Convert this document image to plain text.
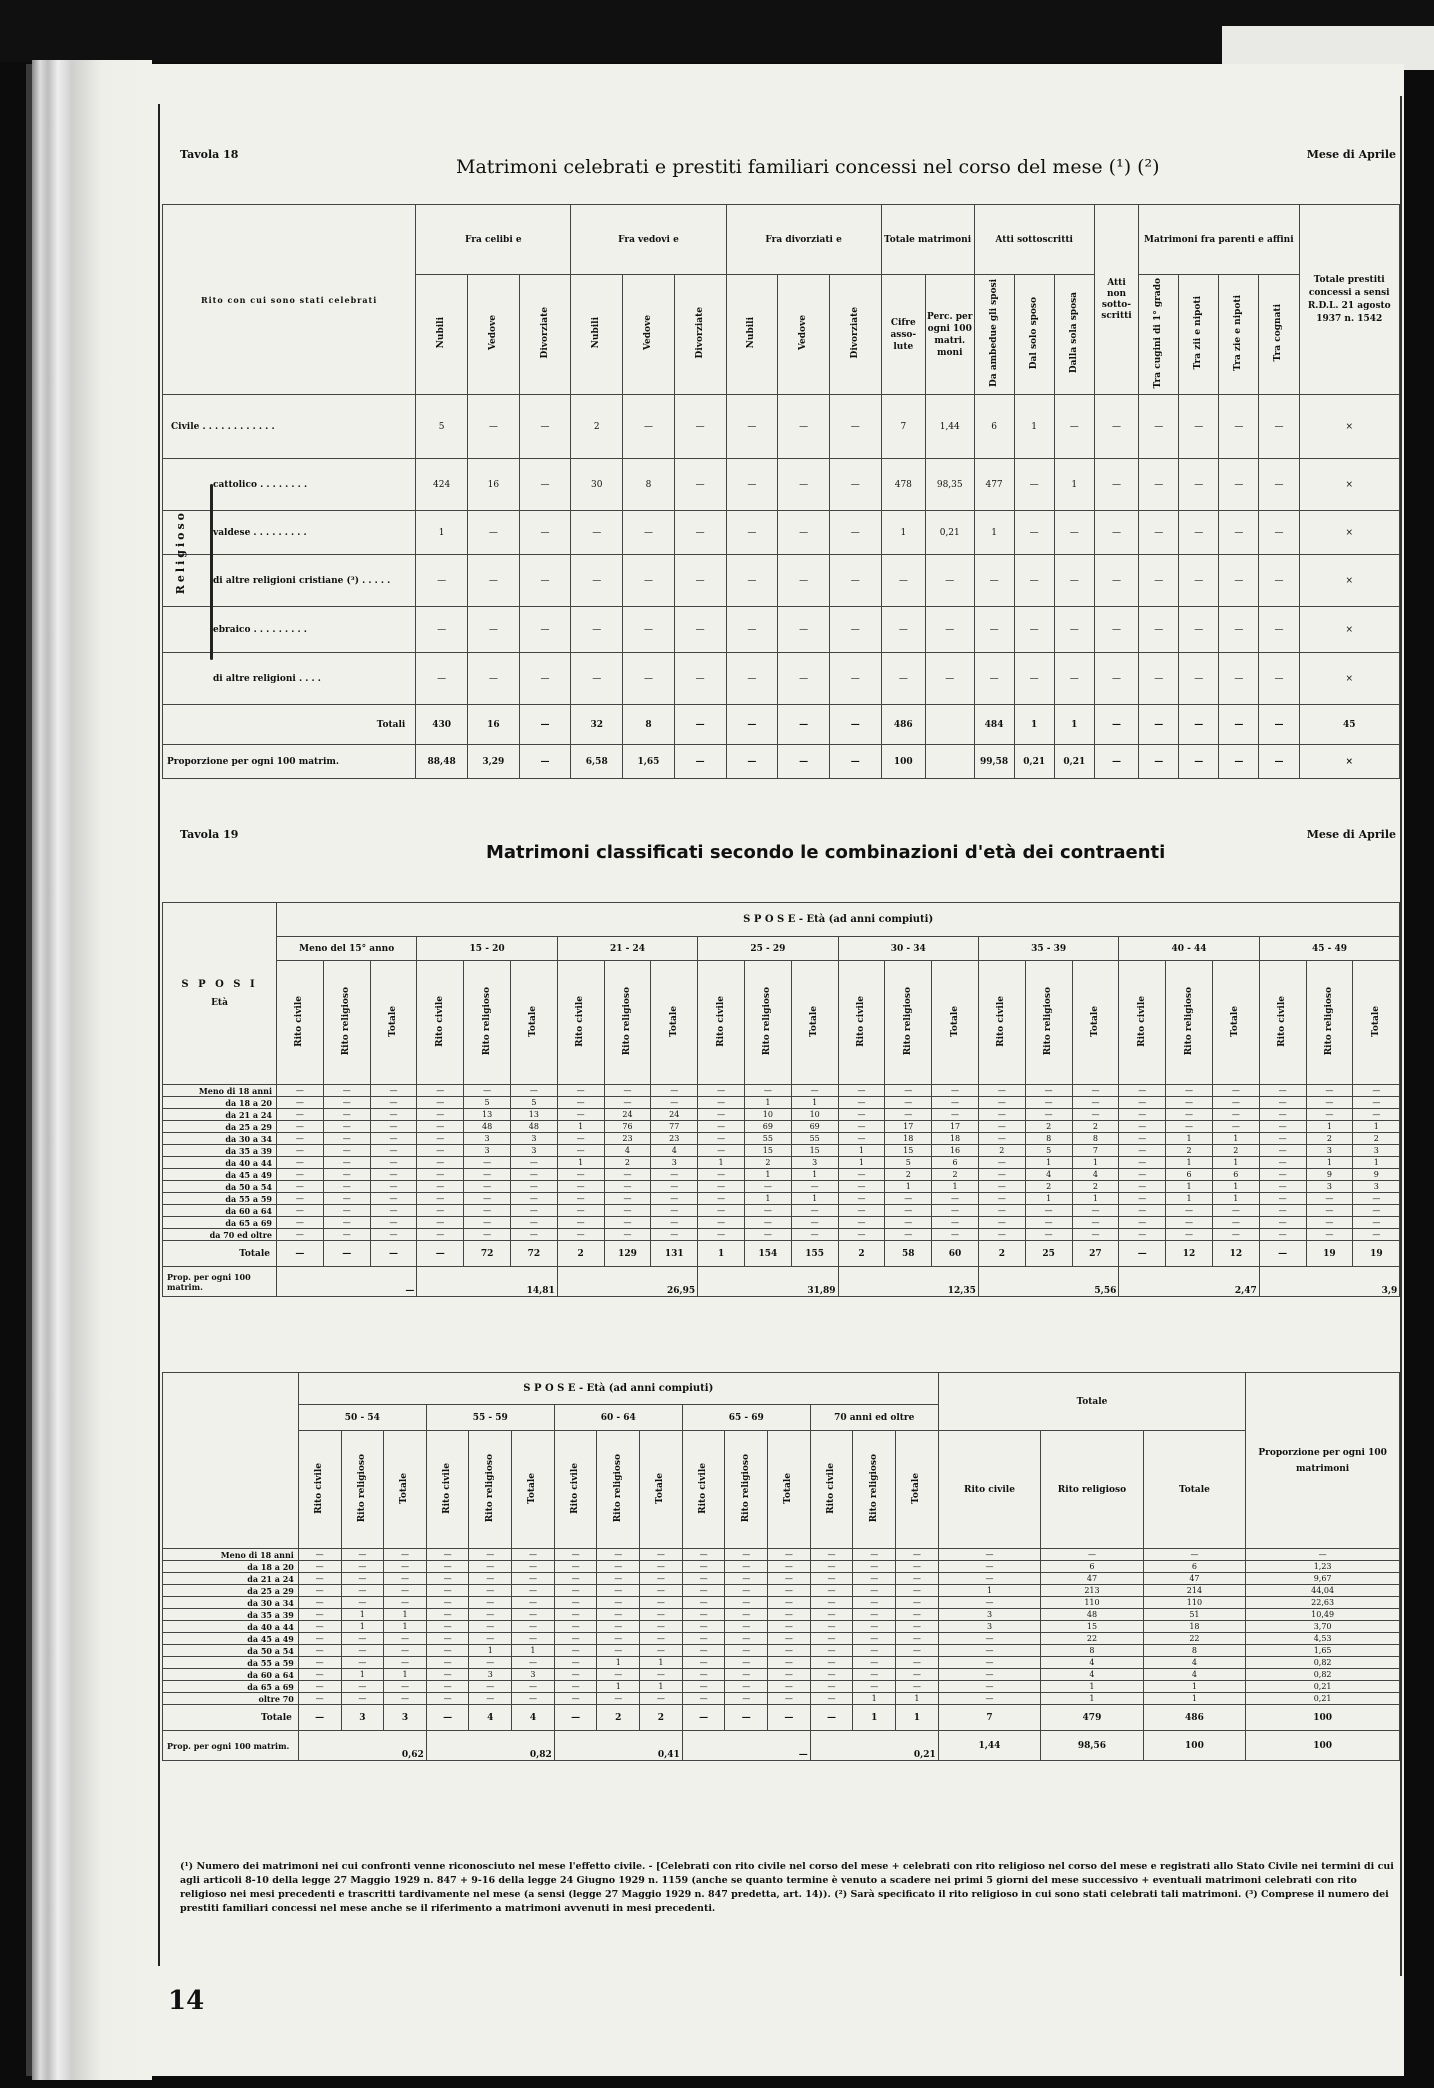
Tavola 18
Matrimoni celebrati e prestiti familiari concessi nel corso del mese (¹) (²)
Mese di Aprile
Rito con cui sono stati celebrati	Fra celibi e			Fra vedovi e			Fra divorziati e			Totale matrimoni		Atti sottoscritti			Atti non sotto-scritti	Matrimoni fra parenti e affini				Totale prestiti concessi a sensi R.D.L. 21 agosto 1937 n. 1542

	Nubili	Vedove	Divorziate	Nubili	Vedove	Divorziate	Nubili	Vedove	Divorziate	Cifre asso-lute	Perc. per ogni 100 matri. moni	Da ambedue gli sposi	Dal solo sposo	Dalla sola sposa		Tra cugini di 1° grado	Tra zii e nipoti	Tra zie e nipoti	Tra cognati	
Civile . . . . . . . . . . . .	5	—	—	2	—	—	—	—	—	7	1,44	6	1	—	—	—	—	—	—	×
cattolico . . . . . . . .	424	16	—	30	8	—	—	—	—	478	98,35	477	—	1	—	—	—	—	—	×
valdese . . . . . . . . .	1	—	—	—	—	—	—	—	—	1	0,21	1	—	—	—	—	—	—	—	×
di altre religioni cristiane (³) . . . . .	—	—	—	—	—	—	—	—	—	—	—	—	—	—	—	—	—	—	—	×
ebraico . . . . . . . . .	—	—	—	—	—	—	—	—	—	—	—	—	—	—	—	—	—	—	—	×
di altre religioni . . . .	—	—	—	—	—	—	—	—	—	—	—	—	—	—	—	—	—	—	—	×
Totali	430	16	—	32	8	—	—	—	—	486		484	1	1	—	—	—	—	—	45
Proporzione per ogni 100 matrim.	88,48	3,29	—	6,58	1,65	—	—	—	—	100		99,58	0,21	0,21	—	—	—	—	—	×
Religioso
Tavola 19
Matrimoni classificati secondo le combinazioni d'età dei contraenti
Mese di Aprile
S P O S I
Età	S P O S E - Età (ad anni compiuti)																							
	Meno del 15° anno			15 - 20			21 - 24			25 - 29			30 - 34			35 - 39			40 - 44			45 - 49		
	Rito civile	Rito religioso	Totale	Rito civile	Rito religioso	Totale	Rito civile	Rito religioso	Totale	Rito civile	Rito religioso	Totale	Rito civile	Rito religioso	Totale	Rito civile	Rito religioso	Totale	Rito civile	Rito religioso	Totale	Rito civile	Rito religioso	Totale
Meno di 18 anni	—	—	—	—	—	—	—	—	—	—	—	—	—	—	—	—	—	—	—	—	—	—	—	—
da 18 a 20	—	—	—	—	5	5	—	—	—	—	1	1	—	—	—	—	—	—	—	—	—	—	—	—
da 21 a 24	—	—	—	—	13	13	—	24	24	—	10	10	—	—	—	—	—	—	—	—	—	—	—	—
da 25 a 29	—	—	—	—	48	48	1	76	77	—	69	69	—	17	17	—	2	2	—	—	—	—	1	1
da 30 a 34	—	—	—	—	3	3	—	23	23	—	55	55	—	18	18	—	8	8	—	1	1	—	2	2
da 35 a 39	—	—	—	—	3	3	—	4	4	—	15	15	1	15	16	2	5	7	—	2	2	—	3	3
da 40 a 44	—	—	—	—	—	—	1	2	3	1	2	3	1	5	6	—	1	1	—	1	1	—	1	1
da 45 a 49	—	—	—	—	—	—	—	—	—	—	1	1	—	2	2	—	4	4	—	6	6	—	9	9
da 50 a 54	—	—	—	—	—	—	—	—	—	—	—	—	—	1	1	—	2	2	—	1	1	—	3	3
da 55 a 59	—	—	—	—	—	—	—	—	—	—	1	1	—	—	—	—	1	1	—	1	1	—	—	—
da 60 a 64	—	—	—	—	—	—	—	—	—	—	—	—	—	—	—	—	—	—	—	—	—	—	—	—
da 65 a 69	—	—	—	—	—	—	—	—	—	—	—	—	—	—	—	—	—	—	—	—	—	—	—	—
da 70 ed oltre	—	—	—	—	—	—	—	—	—	—	—	—	—	—	—	—	—	—	—	—	—	—	—	—
Totale	—	—	—	—	72	72	2	129	131	1	154	155	2	58	60	2	25	27	—	12	12	—	19	19
Prop. per ogni 100 matrim.	—			14,81			26,95			31,89			12,35			5,56			2,47			3,9		
	S P O S E - Età (ad anni compiuti)															Totale			Proporzione per ogni 100 matrimoni

	50 - 54			55 - 59			60 - 64			65 - 69			70 anni ed oltre						
	Rito civile	Rito religioso	Totale	Rito civile	Rito religioso	Totale	Rito civile	Rito religioso	Totale	Rito civile	Rito religioso	Totale	Rito civile	Rito religioso	Totale	Rito civile	Rito religioso	Totale	
Meno di 18 anni	—	—	—	—	—	—	—	—	—	—	—	—	—	—	—	—	—	—	—
da 18 a 20	—	—	—	—	—	—	—	—	—	—	—	—	—	—	—	—	6	6	1,23
da 21 a 24	—	—	—	—	—	—	—	—	—	—	—	—	—	—	—	—	47	47	9,67
da 25 a 29	—	—	—	—	—	—	—	—	—	—	—	—	—	—	—	1	213	214	44,04
da 30 a 34	—	—	—	—	—	—	—	—	—	—	—	—	—	—	—	—	110	110	22,63
da 35 a 39	—	1	1	—	—	—	—	—	—	—	—	—	—	—	—	3	48	51	10,49
da 40 a 44	—	1	1	—	—	—	—	—	—	—	—	—	—	—	—	3	15	18	3,70
da 45 a 49	—	—	—	—	—	—	—	—	—	—	—	—	—	—	—	—	22	22	4,53
da 50 a 54	—	—	—	—	1	1	—	—	—	—	—	—	—	—	—	—	8	8	1,65
da 55 a 59	—	—	—	—	—	—	—	1	1	—	—	—	—	—	—	—	4	4	0,82
da 60 a 64	—	1	1	—	3	3	—	—	—	—	—	—	—	—	—	—	4	4	0,82
da 65 a 69	—	—	—	—	—	—	—	1	1	—	—	—	—	—	—	—	1	1	0,21
oltre 70	—	—	—	—	—	—	—	—	—	—	—	—	—	1	1	—	1	1	0,21
Totale	—	3	3	—	4	4	—	2	2	—	—	—	—	1	1	7	479	486	100
Prop. per ogni 100 matrim.	0,62			0,82			0,41			—			0,21			1,44	98,56	100	100
(¹) Numero dei matrimoni nei cui confronti venne riconosciuto nel mese l'effetto civile. - [Celebrati con rito civile nel corso del mese + celebrati con rito religioso nel corso del mese e registrati allo Stato Civile nei termini di cui agli articoli 8-10 della legge 27 Maggio 1929 n. 847 + 9-16 della legge 24 Giugno 1929 n. 1159 (anche se quanto termine è venuto a scadere nei primi 5 giorni del mese successivo + eventuali matrimoni celebrati con rito religioso nei mesi precedenti e trascritti tardivamente nel mese (a sensi (legge 27 Maggio 1929 n. 847 predetta, art. 14)). (²) Sarà specificato il rito religioso in cui sono stati celebrati tali matrimoni. (³) Comprese il numero dei prestiti familiari concessi nel mese anche se il riferimento a matrimoni avvenuti in mesi precedenti.
14
